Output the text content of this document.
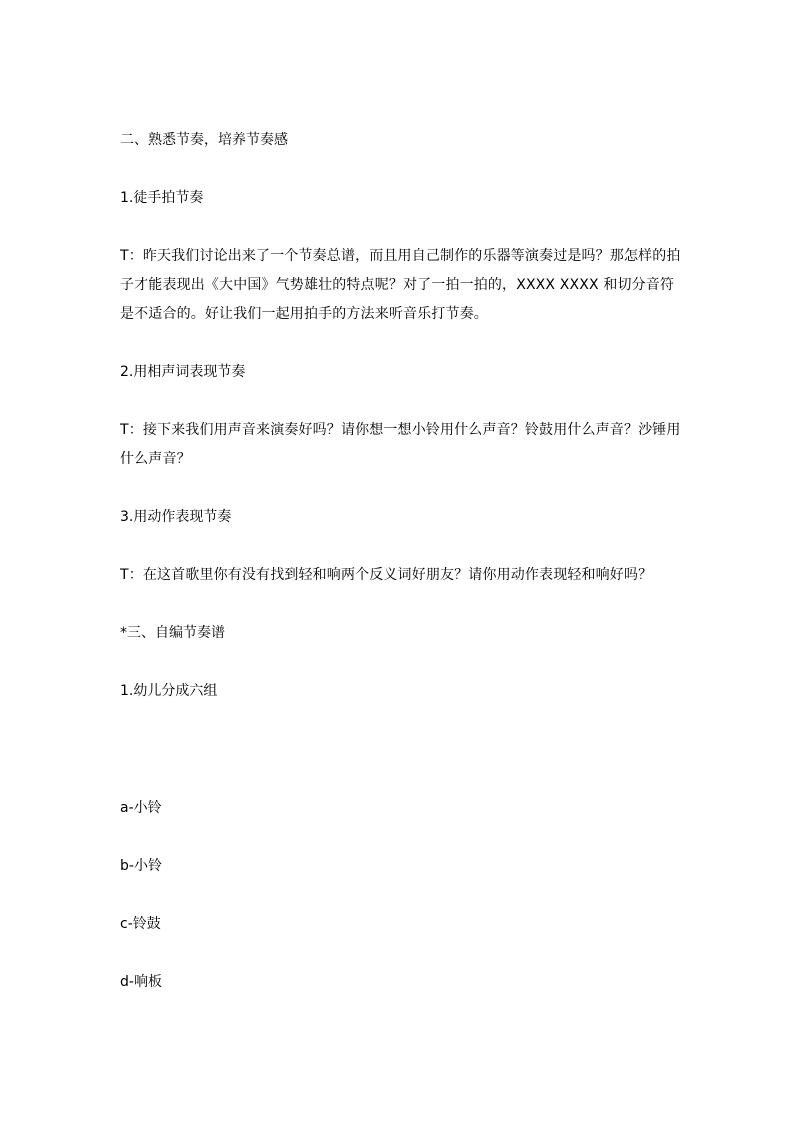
二、熟悉节奏，培养节奏感

1.徒手拍节奏

T：昨天我们讨论出来了一个节奏总谱，而且用自己制作的乐器等演奏过是吗？那怎样的拍
子才能表现出《大中国》气势雄壮的特点呢？对了一拍一拍的，XXXX XXXX 和切分音符
是不适合的。好让我们一起用拍手的方法来听音乐打节奏。

2.用相声词表现节奏

T：接下来我们用声音来演奏好吗？请你想一想小铃用什么声音？铃鼓用什么声音？沙锤用
什么声音？

3.用动作表现节奏

T：在这首歌里你有没有找到轻和响两个反义词好朋友？请你用动作表现轻和响好吗？

*三、自编节奏谱

1.幼儿分成六组

a-小铃

b-小铃

c-铃鼓

d-响板
